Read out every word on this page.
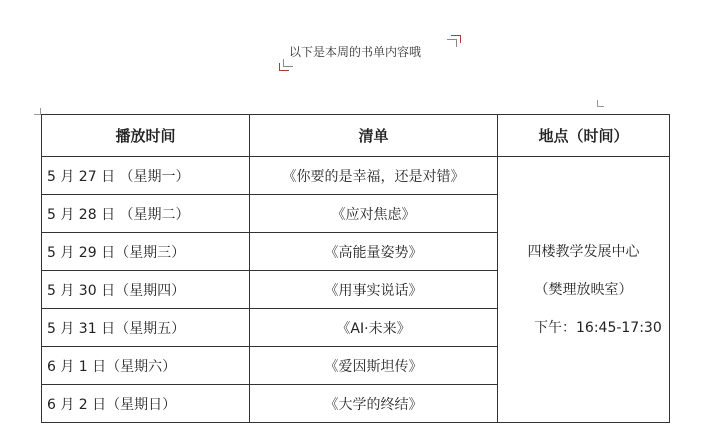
以下是本周的书单内容哦
播放时间	清单	地点（时间）
5 月 27 日 （星期一）	《你要的是幸福，还是对错》	四楼教学发展中心

（樊理放映室）

下午：16:45-17:30

5 月 28 日 （星期二）	《应对焦虑》	
5 月 29 日（星期三）	《高能量姿势》	
5 月 30 日（星期四）	《用事实说话》	
5 月 31 日（星期五）	《AI·未来》	
6 月 1 日（星期六）	《爱因斯坦传》	
6 月 2 日（星期日）	《大学的终结》	
